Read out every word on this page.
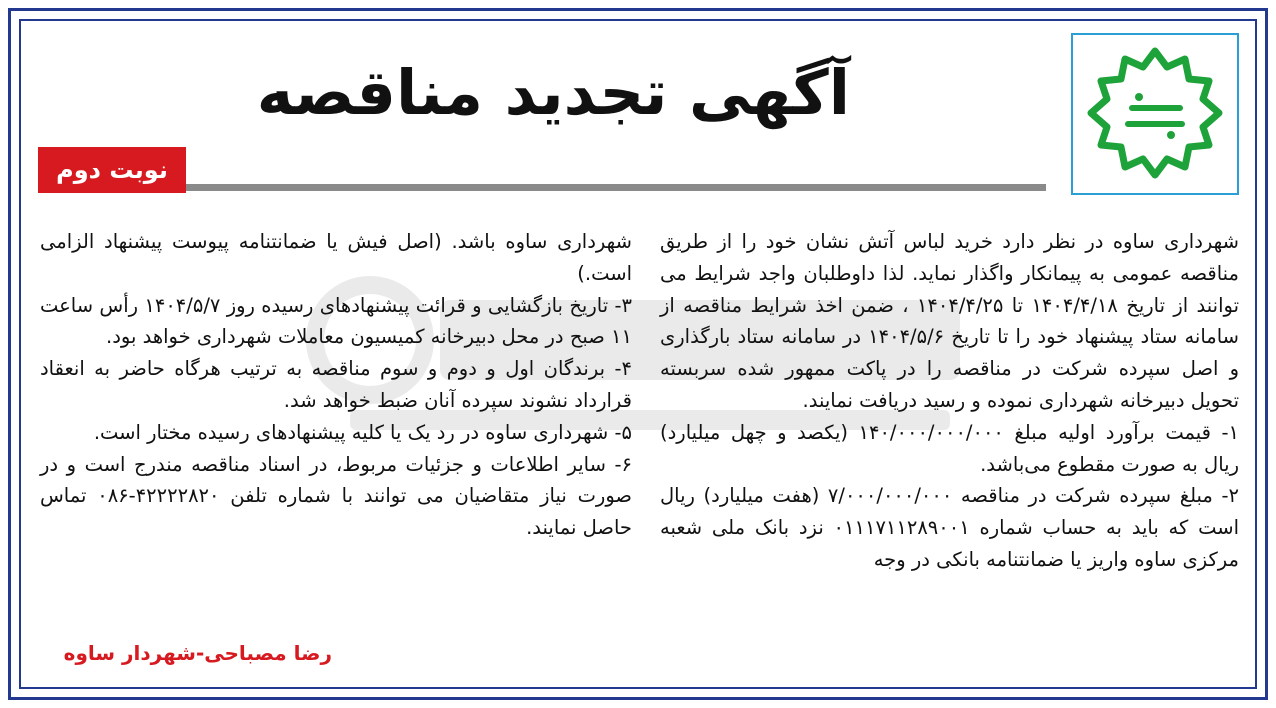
آگهی تجدید مناقصه
نوبت دوم

شهرداری ساوه در نظر دارد خرید لباس آتش نشان خود را از طریق مناقصه عمومی به پیمانکار واگذار نماید. لذا داوطلبان واجد شرایط می توانند از تاریخ ۱۴۰۴/۴/۱۸ تا ۱۴۰۴/۴/۲۵ ، ضمن اخذ شرایط مناقصه از سامانه ستاد پیشنهاد خود را تا تاریخ ۱۴۰۴/۵/۶ در سامانه ستاد بارگذاری و اصل سپرده شرکت در مناقصه را در پاکت ممهور شده سربسته تحویل دبیرخانه شهرداری نموده و رسید دریافت نمایند.

۱- قیمت برآورد اولیه مبلغ ۱۴۰/۰۰۰/۰۰۰/۰۰۰ (یکصد و چهل میلیارد) ریال به صورت مقطوع می‌باشد.

۲- مبلغ سپرده شرکت در مناقصه ۷/۰۰۰/۰۰۰/۰۰۰ (هفت میلیارد) ریال است که باید به حساب شماره ۰۱۱۱۷۱۱۲۸۹۰۰۱ نزد بانک ملی شعبه مرکزی ساوه واریز یا ضمانتنامه بانکی در وجه

شهرداری ساوه باشد. (اصل فیش یا ضمانتنامه پیوست پیشنهاد الزامی است.)

۳- تاریخ بازگشایی و قرائت پیشنهادهای رسیده روز ۱۴۰۴/۵/۷ رأس ساعت ۱۱ صبح در محل دبیرخانه کمیسیون معاملات شهرداری خواهد بود.

۴- برندگان اول و دوم و سوم مناقصه به ترتیب هرگاه حاضر به انعقاد قرارداد نشوند سپرده آنان ضبط خواهد شد.

۵- شهرداری ساوه در رد یک یا کلیه پیشنهادهای رسیده مختار است.

۶- سایر اطلاعات و جزئیات مربوط، در اسناد مناقصه مندرج است و در صورت نیاز متقاضیان می توانند با شماره تلفن ۴۲۲۲۲۸۲۰-۰۸۶ تماس حاصل نمایند.

رضا مصباحی-شهردار ساوه
